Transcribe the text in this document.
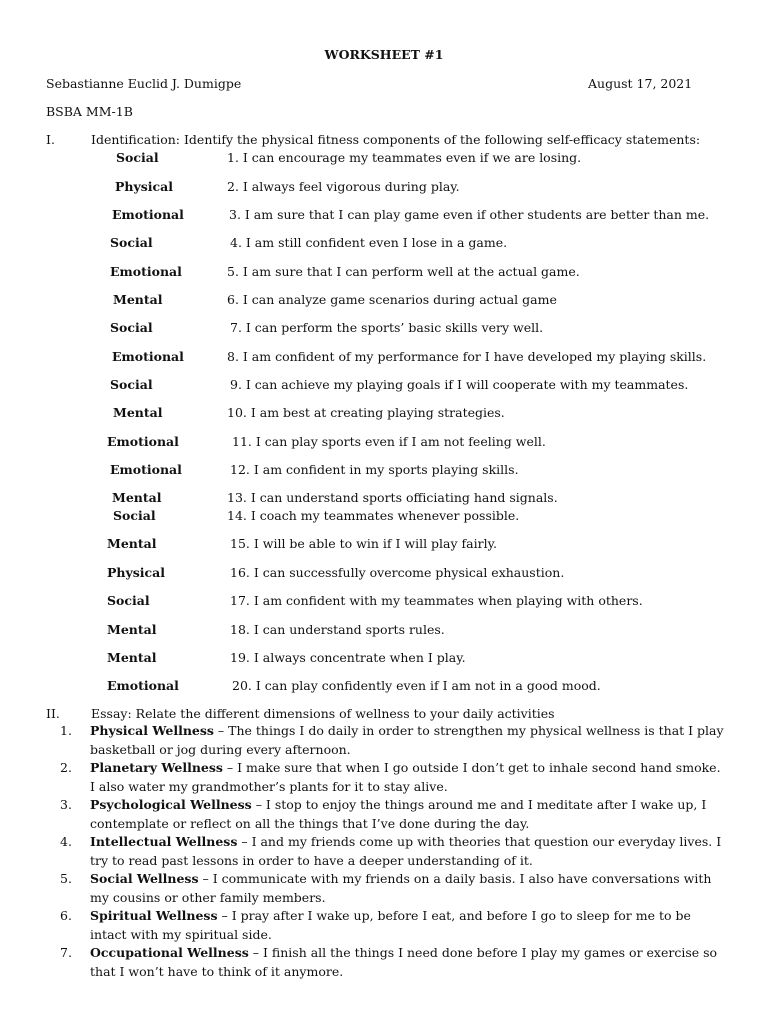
WORKSHEET #1
Sebastianne Euclid J. Dumigpe	August 17, 2021
BSBA MM-1B
I.	Identification: Identify the physical fitness components of the following self-efficacy statements:
Social	1. I can encourage my teammates even if we are losing.
Physical	2. I always feel vigorous during play.
Emotional	3. I am sure that I can play game even if other students are better than me.
Social	4. I am still confident even I lose in a game.
Emotional	5. I am sure that I can perform well at the actual game.
Mental	6. I can analyze game scenarios during actual game
Social	7. I can perform the sports’ basic skills very well.
Emotional	8. I am confident of my performance for I have developed my playing skills.
Social	9. I can achieve my playing goals if I will cooperate with my teammates.
Mental	10. I am best at creating playing strategies.
Emotional	11. I can play sports even if I am not feeling well.
Emotional	12. I am confident in my sports playing skills.
Mental	13. I can understand sports officiating hand signals.
Social	14. I coach my teammates whenever possible.
Mental	15. I will be able to win if I will play fairly.
Physical	16. I can successfully overcome physical exhaustion.
Social	17. I am confident with my teammates when playing with others.
Mental	18. I can understand sports rules.
Mental	19. I always concentrate when I play.
Emotional	20. I can play confidently even if I am not in a good mood.
II. Essay: Relate the different dimensions of wellness to your daily activities
1.	Physical Wellness – The things I do daily in order to strengthen my physical wellness is that I play basketball or jog during every afternoon.
2.	Planetary Wellness – I make sure that when I go outside I don’t get to inhale second hand smoke. I also water my grandmother’s plants for it to stay alive.
3.	Psychological Wellness – I stop to enjoy the things around me and I meditate after I wake up, I contemplate or reflect on all the things that I’ve done during the day.
4.	Intellectual Wellness – I and my friends come up with theories that question our everyday lives. I try to read past lessons in order to have a deeper understanding of it.
5.	Social Wellness – I communicate with my friends on a daily basis. I also have conversations with my cousins or other family members.
6.	Spiritual Wellness – I pray after I wake up, before I eat, and before I go to sleep for me to be intact with my spiritual side.
7.	Occupational Wellness – I finish all the things I need done before I play my games or exercise so that I won’t have to think of it anymore.
